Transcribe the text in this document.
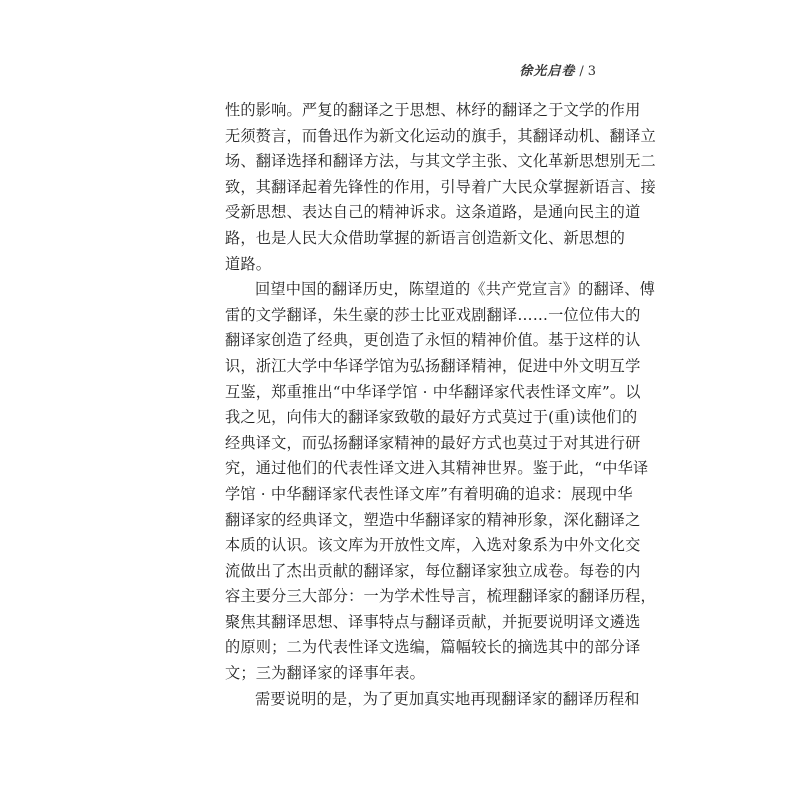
徐光启卷 / 3
性的影响。严复的翻译之于思想、林纾的翻译之于文学的作用
无须赘言，而鲁迅作为新文化运动的旗手，其翻译动机、翻译立
场、翻译选择和翻译方法，与其文学主张、文化革新思想别无二
致，其翻译起着先锋性的作用，引导着广大民众掌握新语言、接
受新思想、表达自己的精神诉求。这条道路，是通向民主的道
路，也是人民大众借助掌握的新语言创造新文化、新思想的
道路。
回望中国的翻译历史，陈望道的《共产党宣言》的翻译、傅
雷的文学翻译，朱生豪的莎士比亚戏剧翻译……一位位伟大的
翻译家创造了经典，更创造了永恒的精神价值。基于这样的认
识，浙江大学中华译学馆为弘扬翻译精神，促进中外文明互学
互鉴，郑重推出“中华译学馆 · 中华翻译家代表性译文库”。以
我之见，向伟大的翻译家致敬的最好方式莫过于(重)读他们的
经典译文，而弘扬翻译家精神的最好方式也莫过于对其进行研
究，通过他们的代表性译文进入其精神世界。鉴于此，“中华译
学馆 · 中华翻译家代表性译文库”有着明确的追求：展现中华
翻译家的经典译文，塑造中华翻译家的精神形象，深化翻译之
本质的认识。该文库为开放性文库，入选对象系为中外文化交
流做出了杰出贡献的翻译家，每位翻译家独立成卷。每卷的内
容主要分三大部分：一为学术性导言，梳理翻译家的翻译历程，
聚焦其翻译思想、译事特点与翻译贡献，并扼要说明译文遴选
的原则；二为代表性译文选编，篇幅较长的摘选其中的部分译
文；三为翻译家的译事年表。
需要说明的是，为了更加真实地再现翻译家的翻译历程和
